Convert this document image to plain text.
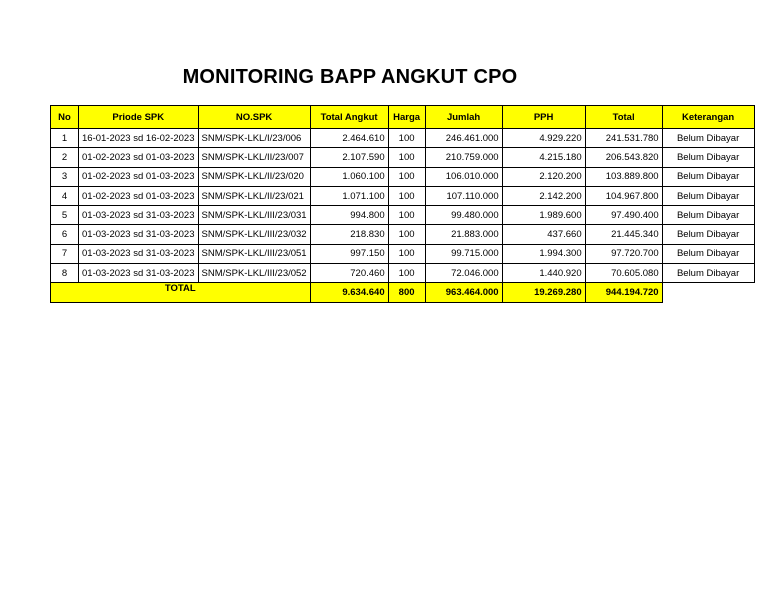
MONITORING BAPP ANGKUT CPO
No	Priode SPK	NO.SPK	Total Angkut	Harga	Jumlah	PPH	Total	Keterangan
1	16-01-2023 sd 16-02-2023	SNM/SPK-LKL/I/23/006	2.464.610	100	246.461.000	4.929.220	241.531.780	Belum Dibayar
2	01-02-2023 sd 01-03-2023	SNM/SPK-LKL/II/23/007	2.107.590	100	210.759.000	4.215.180	206.543.820	Belum Dibayar
3	01-02-2023 sd 01-03-2023	SNM/SPK-LKL/II/23/020	1.060.100	100	106.010.000	2.120.200	103.889.800	Belum Dibayar
4	01-02-2023 sd 01-03-2023	SNM/SPK-LKL/II/23/021	1.071.100	100	107.110.000	2.142.200	104.967.800	Belum Dibayar
5	01-03-2023 sd 31-03-2023	SNM/SPK-LKL/III/23/031	994.800	100	99.480.000	1.989.600	97.490.400	Belum Dibayar
6	01-03-2023 sd 31-03-2023	SNM/SPK-LKL/III/23/032	218.830	100	21.883.000	437.660	21.445.340	Belum Dibayar
7	01-03-2023 sd 31-03-2023	SNM/SPK-LKL/III/23/051	997.150	100	99.715.000	1.994.300	97.720.700	Belum Dibayar
8	01-03-2023 sd 31-03-2023	SNM/SPK-LKL/III/23/052	720.460	100	72.046.000	1.440.920	70.605.080	Belum Dibayar
TOTAL			9.634.640	800	963.464.000	19.269.280	944.194.720	
